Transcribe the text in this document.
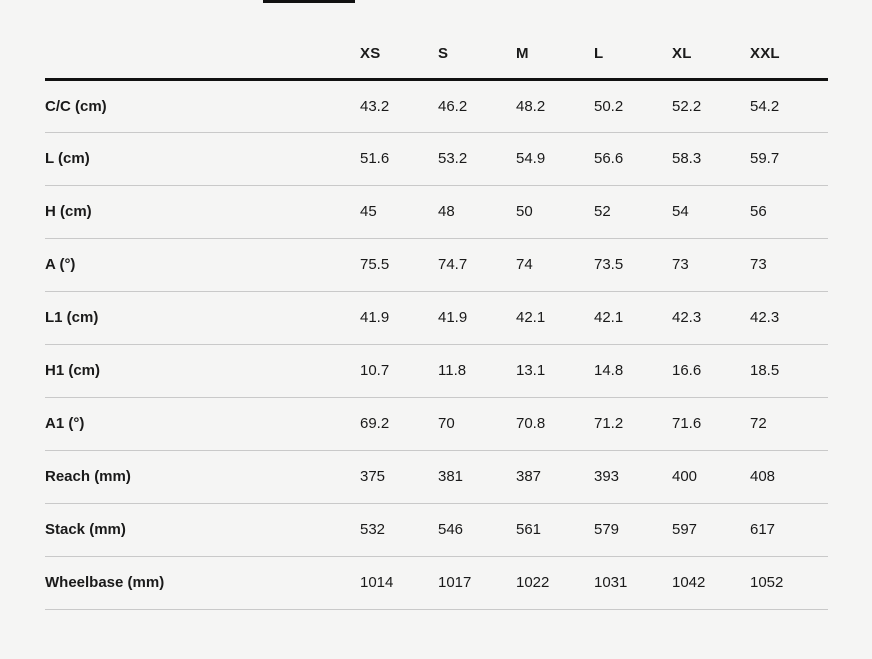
	XS	S	M	L	XL	XXL
C/C (cm)	43.2	46.2	48.2	50.2	52.2	54.2
L (cm)	51.6	53.2	54.9	56.6	58.3	59.7
H (cm)	45	48	50	52	54	56
A (°)	75.5	74.7	74	73.5	73	73
L1 (cm)	41.9	41.9	42.1	42.1	42.3	42.3
H1 (cm)	10.7	11.8	13.1	14.8	16.6	18.5
A1 (°)	69.2	70	70.8	71.2	71.6	72
Reach (mm)	375	381	387	393	400	408
Stack (mm)	532	546	561	579	597	617
Wheelbase (mm)	1014	1017	1022	1031	1042	1052
